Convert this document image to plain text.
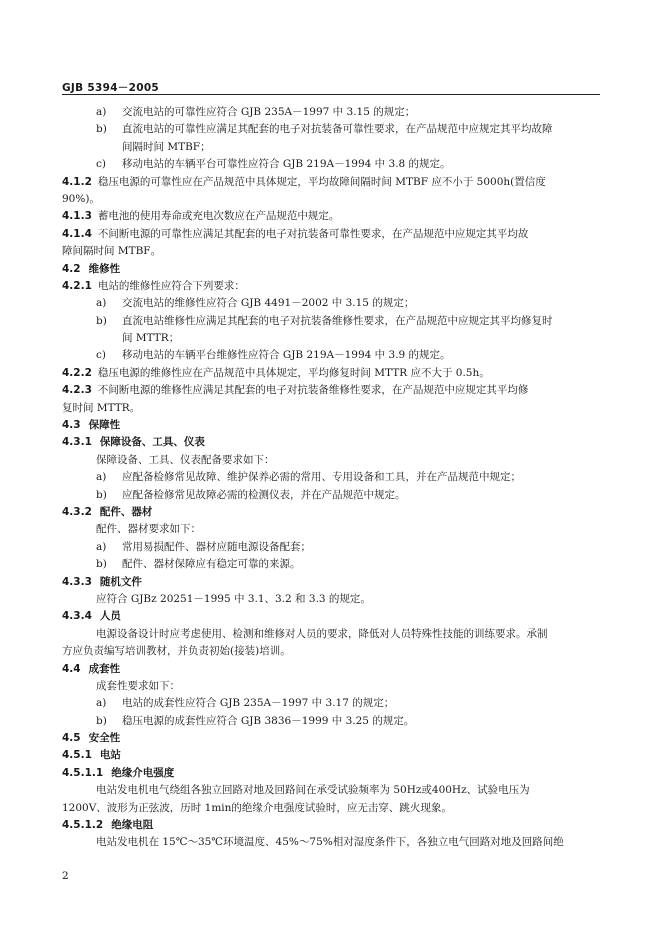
GJB 5394－2005
a)	交流电站的可靠性应符合 GJB 235A－1997 中 3.15 的规定；
b)	直流电站的可靠性应满足其配套的电子对抗装备可靠性要求，在产品规范中应规定其平均故障
间隔时间 MTBF；
c)	移动电站的车辆平台可靠性应符合 GJB 219A－1994 中 3.8 的规定。
4.1.2 稳压电源的可靠性应在产品规范中具体规定，平均故障间隔时间 MTBF 应不小于 5000h(置信度
90%)。
4.1.3 蓄电池的使用寿命或充电次数应在产品规范中规定。
4.1.4 不间断电源的可靠性应满足其配套的电子对抗装备可靠性要求，在产品规范中应规定其平均故
障间隔时间 MTBF。
4.2 维修性
4.2.1 电站的维修性应符合下列要求：
a)	交流电站的维修性应符合 GJB 4491－2002 中 3.15 的规定；
b)	直流电站维修性应满足其配套的电子对抗装备维修性要求，在产品规范中应规定其平均修复时
间 MTTR；
c)	移动电站的车辆平台维修性应符合 GJB 219A－1994 中 3.9 的规定。
4.2.2 稳压电源的维修性应在产品规范中具体规定，平均修复时间 MTTR 应不大于 0.5h。
4.2.3 不间断电源的维修性应满足其配套的电子对抗装备维修性要求，在产品规范中应规定其平均修
复时间 MTTR。
4.3 保障性
4.3.1 保障设备、工具、仪表
保障设备、工具、仪表配备要求如下：
a)	应配备检修常见故障、维护保养必需的常用、专用设备和工具，并在产品规范中规定；
b)	应配备检修常见故障必需的检测仪表，并在产品规范中规定。
4.3.2 配件、器材
配件、器材要求如下：
a)	常用易损配件、器材应随电源设备配套；
b)	配件、器材保障应有稳定可靠的来源。
4.3.3 随机文件
应符合 GJBz 20251－1995 中 3.1、3.2 和 3.3 的规定。
4.3.4 人员
电源设备设计时应考虑使用、检测和维修对人员的要求，降低对人员特殊性技能的训练要求。承制
方应负责编写培训教材，并负责初始(接装)培训。
4.4 成套性
成套性要求如下：
a)	电站的成套性应符合 GJB 235A－1997 中 3.17 的规定；
b)	稳压电源的成套性应符合 GJB 3836－1999 中 3.25 的规定。
4.5 安全性
4.5.1 电站
4.5.1.1 绝缘介电强度
电站发电机电气绕组各独立回路对地及回路间在承受试验频率为 50Hz或400Hz、试验电压为
1200V、波形为正弦波，历时 1min的绝缘介电强度试验时，应无击穿、跳火现象。
4.5.1.2 绝缘电阻
电站发电机在 15℃～35℃环境温度、45%～75%相对湿度条件下，各独立电气回路对地及回路间绝
2
